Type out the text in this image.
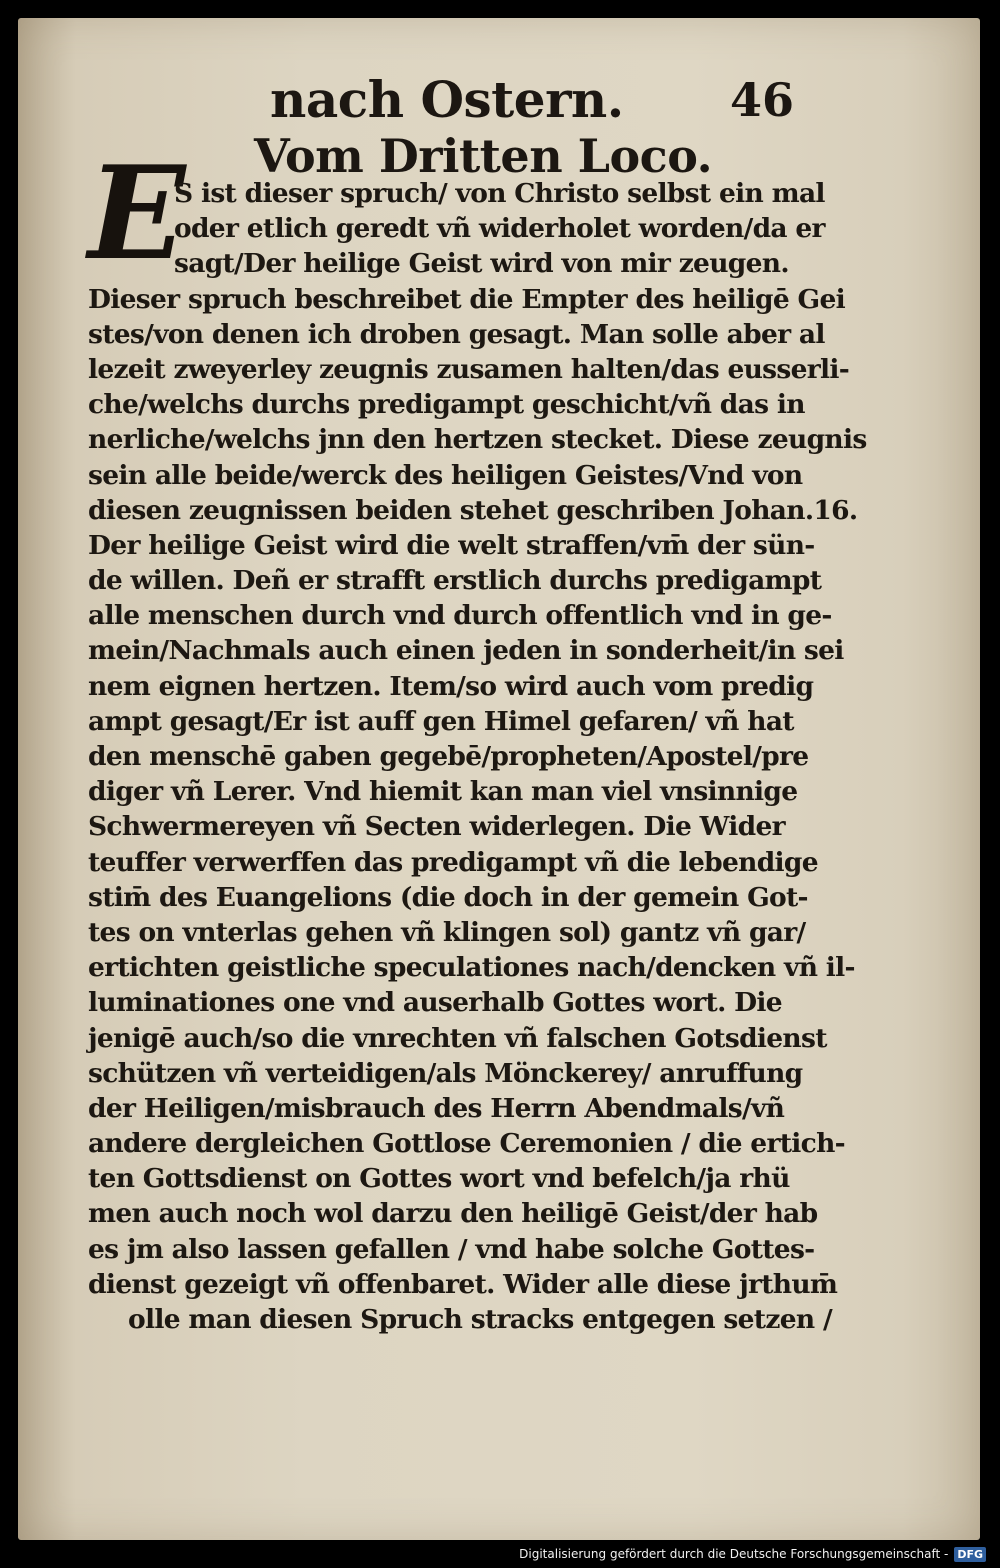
nach Ostern. 46
Vom Dritten Loco.
E
S ist dieser spruch/ von Christo selbst ein mal
oder etlich geredt vñ widerholet worden/da er
sagt/Der heilige Geist wird von mir zeugen.
Dieser spruch beschreibet die Empter des heiligē Gei
stes/von denen ich droben gesagt. Man solle aber al
lezeit zweyerley zeugnis zusamen halten/das eusserli-
che/welchs durchs predigampt geschicht/vñ das in
nerliche/welchs jnn den hertzen stecket. Diese zeugnis
sein alle beide/werck des heiligen Geistes/Vnd von
diesen zeugnissen beiden stehet geschriben Johan.16.
Der heilige Geist wird die welt straffen/vm̄ der sün-
de willen. Deñ er strafft erstlich durchs predigampt
alle menschen durch vnd durch offentlich vnd in ge-
mein/Nachmals auch einen jeden in sonderheit/in sei
nem eignen hertzen. Item/so wird auch vom predig
ampt gesagt/Er ist auff gen Himel gefaren/ vñ hat
den menschē gaben gegebē/propheten/Apostel/pre
diger vñ Lerer. Vnd hiemit kan man viel vnsinnige
Schwermereyen vñ Secten widerlegen. Die Wider
teuffer verwerffen das predigampt vñ die lebendige
stim̄ des Euangelions (die doch in der gemein Got-
tes on vnterlas gehen vñ klingen sol) gantz vñ gar/
ertichten geistliche speculationes nach/dencken vñ il-
luminationes one vnd auserhalb Gottes wort. Die
jenigē auch/so die vnrechten vñ falschen Gotsdienst
schützen vñ verteidigen/als Mönckerey/ anruffung
der Heiligen/misbrauch des Herrn Abendmals/vñ
andere dergleichen Gottlose Ceremonien / die ertich-
ten Gottsdienst on Gottes wort vnd befelch/ja rhü
men auch noch wol darzu den heiligē Geist/der hab
es jm also lassen gefallen / vnd habe solche Gottes-
dienst gezeigt vñ offenbaret. Wider alle diese jrthum̄
olle man diesen Spruch stracks entgegen setzen /
Digitalisierung gefördert durch die Deutsche Forschungsgemeinschaft - DFG
